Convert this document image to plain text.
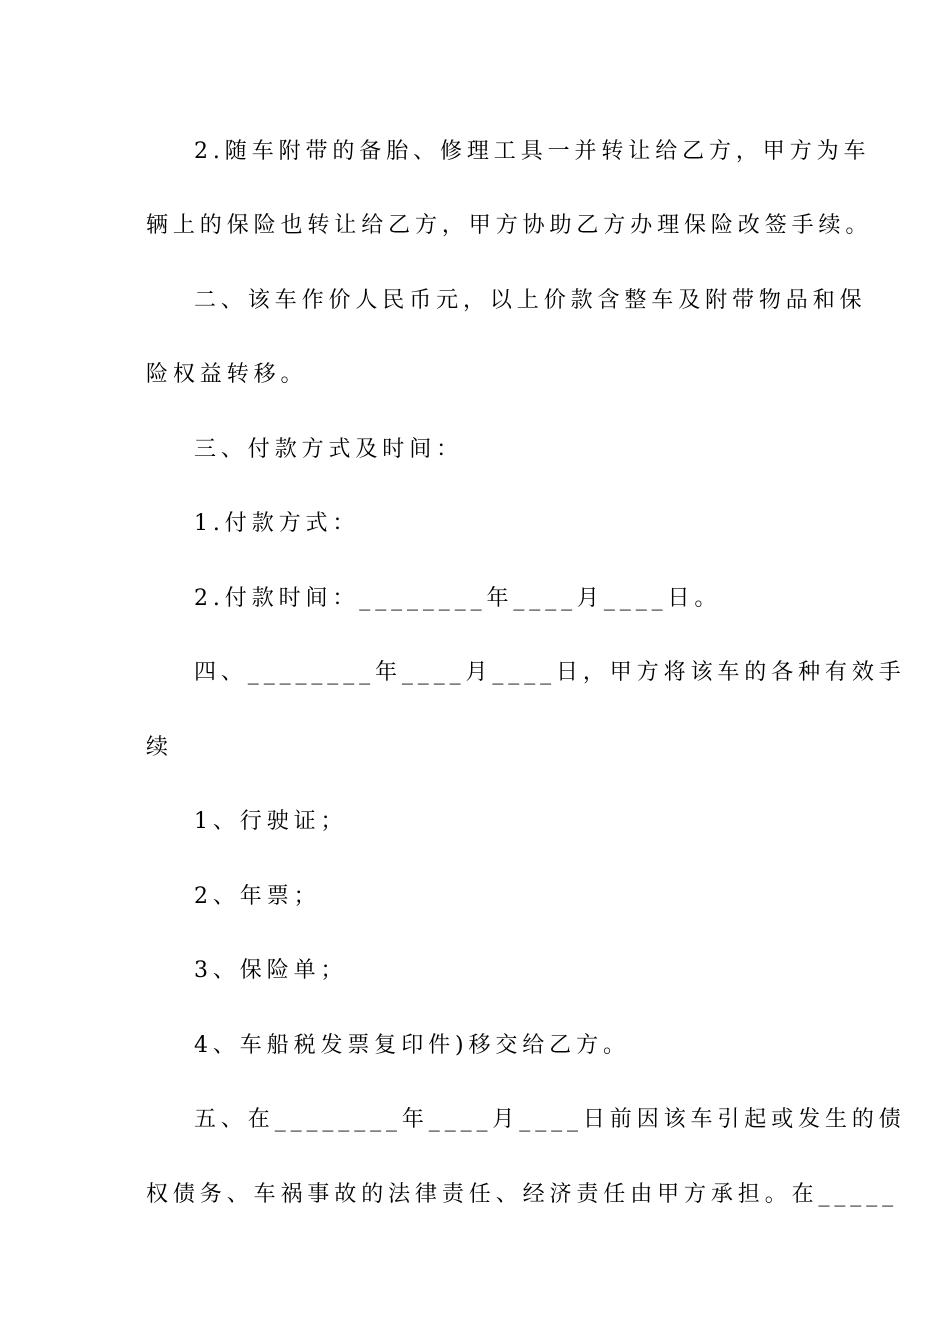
2.随车附带的备胎、修理工具一并转让给乙方，甲方为车
辆上的保险也转让给乙方，甲方协助乙方办理保险改签手续。
二、该车作价人民币元，以上价款含整车及附带物品和保
险权益转移。
三、付款方式及时间：
1.付款方式：
2.付款时间：________年____月____日。
四、________年____月____日，甲方将该车的各种有效手
续
1、行驶证；
2、年票；
3、保险单；
4、车船税发票复印件)移交给乙方。
五、在________年____月____日前因该车引起或发生的债
权债务、车祸事故的法律责任、经济责任由甲方承担。在_____
